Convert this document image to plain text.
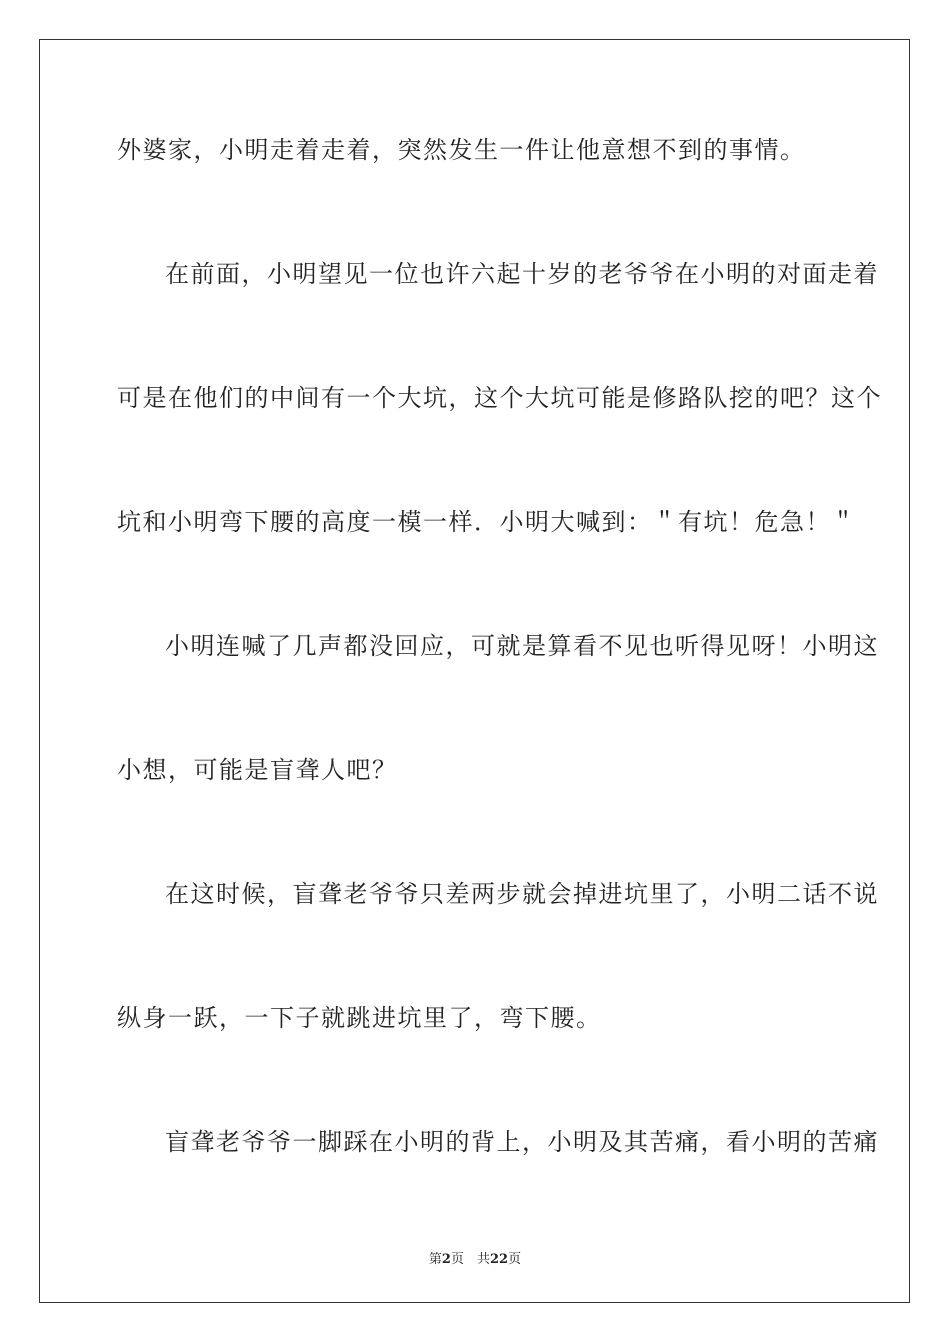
外婆家，小明走着走着，突然发生一件让他意想不到的事情。

在前面，小明望见一位也许六起十岁的老爷爷在小明的对面走着

可是在他们的中间有一个大坑，这个大坑可能是修路队挖的吧？这个

坑和小明弯下腰的高度一模一样．小明大喊到：＂有坑！危急！＂

小明连喊了几声都没回应，可就是算看不见也听得见呀！小明这

小想，可能是盲聋人吧？

在这时候，盲聋老爷爷只差两步就会掉进坑里了，小明二话不说

纵身一跃，一下子就跳进坑里了，弯下腰。

盲聋老爷爷一脚踩在小明的背上，小明及其苦痛，看小明的苦痛

第2页　共22页
